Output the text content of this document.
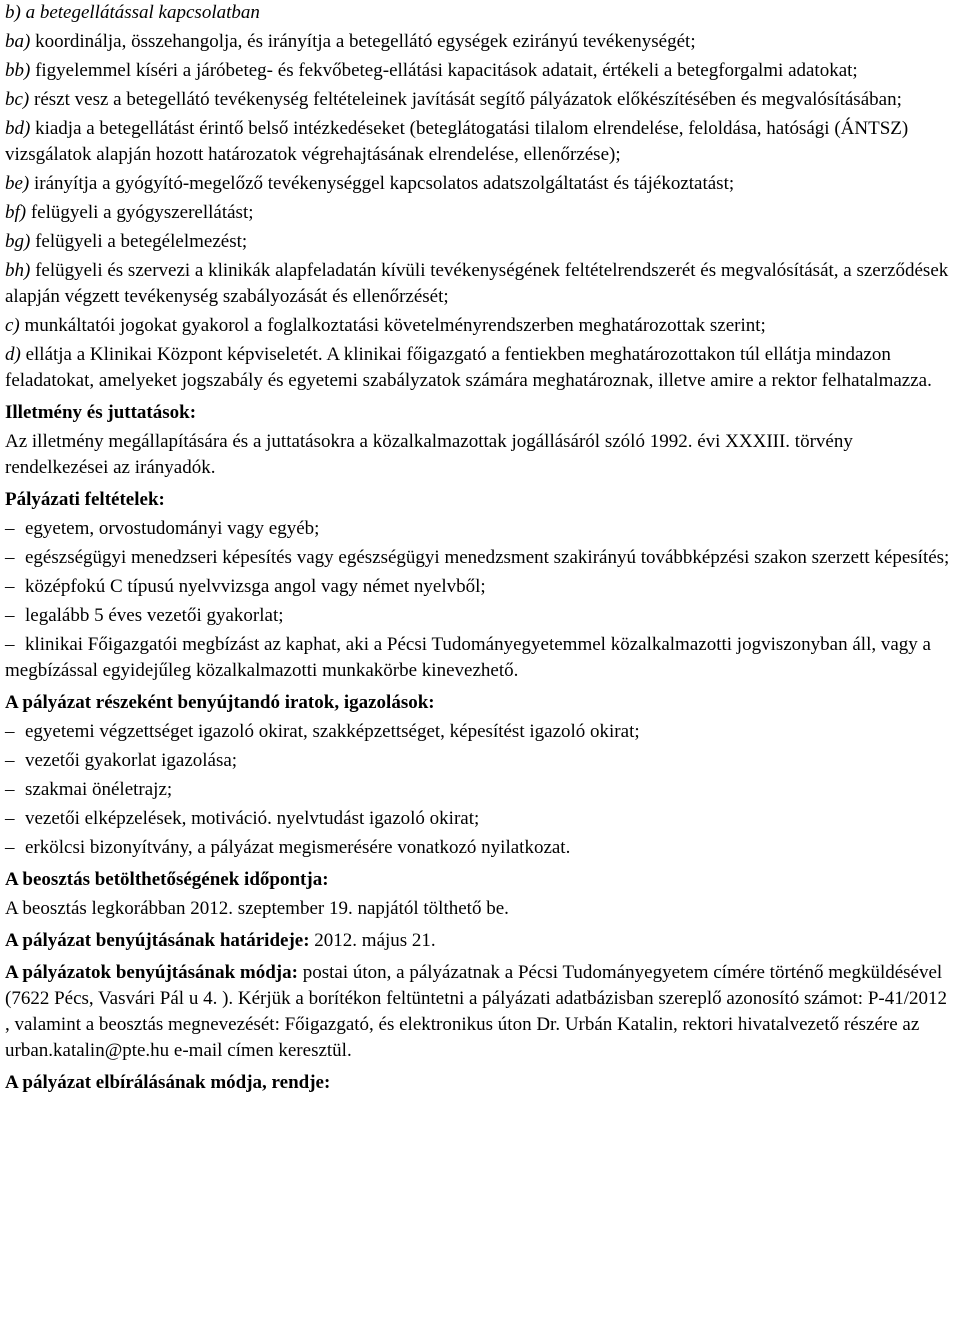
b) a betegellátással kapcsolatban

ba) koordinálja, összehangolja, és irányítja a betegellátó egységek ezirányú tevékenységét;

bb) figyelemmel kíséri a járóbeteg- és fekvőbeteg-ellátási kapacitások adatait, értékeli a betegforgalmi adatokat;

bc) részt vesz a betegellátó tevékenység feltételeinek javítását segítő pályázatok előkészítésében és megvalósításában;

bd) kiadja a betegellátást érintő belső intézkedéseket (beteglátogatási tilalom elrendelése, feloldása, hatósági (ÁNTSZ) vizsgálatok alapján hozott határozatok végrehajtásának elrendelése, ellenőrzése);

be) irányítja a gyógyító-megelőző tevékenységgel kapcsolatos adatszolgáltatást és tájékoztatást;

bf) felügyeli a gyógyszerellátást;

bg) felügyeli a betegélelmezést;

bh) felügyeli és szervezi a klinikák alapfeladatán kívüli tevékenységének feltételrendszerét és megvalósítását, a szerződések alapján végzett tevékenység szabályozását és ellenőrzését;

c) munkáltatói jogokat gyakorol a foglalkoztatási követelményrendszerben meghatározottak szerint;

d) ellátja a Klinikai Központ képviseletét. A klinikai főigazgató a fentiekben meghatározottakon túl ellátja mindazon feladatokat, amelyeket jogszabály és egyetemi szabályzatok számára meghatároznak, illetve amire a rektor felhatalmazza.

Illetmény és juttatások:

Az illetmény megállapítására és a juttatásokra a közalkalmazottak jogállásáról szóló 1992. évi XXXIII. törvény rendelkezései az irányadók.

Pályázati feltételek:

– egyetem, orvostudományi vagy egyéb;

– egészségügyi menedzseri képesítés vagy egészségügyi menedzsment szakirányú továbbképzési szakon szerzett képesítés;

– középfokú C típusú nyelvvizsga angol vagy német nyelvből;

– legalább 5 éves vezetői gyakorlat;

– klinikai Főigazgatói megbízást az kaphat, aki a Pécsi Tudományegyetemmel közalkalmazotti jogviszonyban áll, vagy a megbízással egyidejűleg közalkalmazotti munkakörbe kinevezhető.

A pályázat részeként benyújtandó iratok, igazolások:

– egyetemi végzettséget igazoló okirat, szakképzettséget, képesítést igazoló okirat;

– vezetői gyakorlat igazolása;

– szakmai önéletrajz;

– vezetői elképzelések, motiváció. nyelvtudást igazoló okirat;

– erkölcsi bizonyítvány, a pályázat megismerésére vonatkozó nyilatkozat.

A beosztás betölthetőségének időpontja:

A beosztás legkorábban 2012. szeptember 19. napjától tölthető be.

A pályázat benyújtásának határideje: 2012. május 21.

A pályázatok benyújtásának módja: postai úton, a pályázatnak a Pécsi Tudományegyetem címére történő megküldésével (7622 Pécs, Vasvári Pál u 4. ). Kérjük a borítékon feltüntetni a pályázati adatbázisban szereplő azonosító számot: P-41/2012 , valamint a beosztás megnevezését: Főigazgató, és elektronikus úton Dr. Urbán Katalin, rektori hivatalvezető részére az urban.katalin@pte.hu e-mail címen keresztül.

A pályázat elbírálásának módja, rendje:
